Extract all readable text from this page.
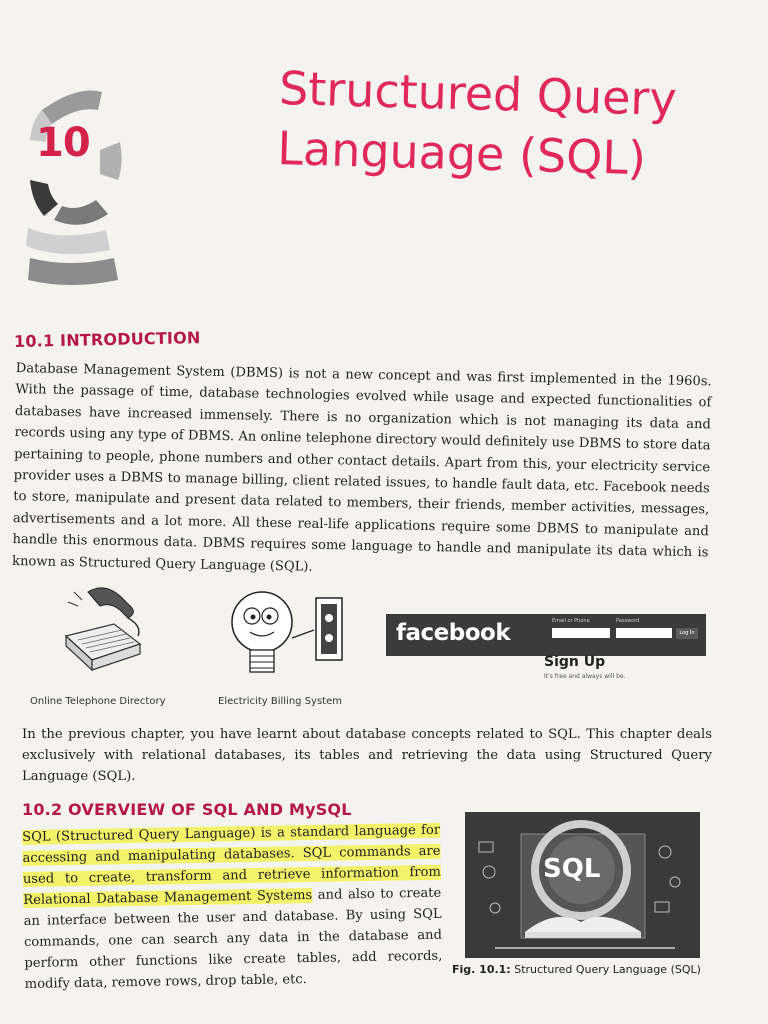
10
Structured Query
Language (SQL)
10.1 INTRODUCTION

Database Management System (DBMS) is not a new concept and was first implemented in the 1960s. With the passage of time, database technologies evolved while usage and expected functionalities of databases have increased immensely. There is no organization which is not managing its data and records using any type of DBMS. An online telephone directory would definitely use DBMS to store data pertaining to people, phone numbers and other contact details. Apart from this, your electricity service provider uses a DBMS to manage billing, client related issues, to handle fault data, etc. Facebook needs to store, manipulate and present data related to members, their friends, member activities, messages, advertisements and a lot more. All these real-life applications require some DBMS to manipulate and handle this enormous data. DBMS requires some language to handle and manipulate its data which is known as Structured Query Language (SQL).

Online Telephone Directory	Electricity Billing System
facebook	Email or Phone	Password
Log In
Sign Up
It's free and always will be.

In the previous chapter, you have learnt about database concepts related to SQL. This chapter deals exclusively with relational databases, its tables and retrieving the data using Structured Query Language (SQL).

10.2 OVERVIEW OF SQL AND MySQL

SQL (Structured Query Language) is a standard language for accessing and manipulating databases. SQL commands are used to create, transform and retrieve information from Relational Database Management Systems and also to create an interface between the user and database. By using SQL commands, one can search any data in the database and perform other functions like create tables, add records, modify data, remove rows, drop table, etc.

SQL
Fig. 10.1: Structured Query Language (SQL)
